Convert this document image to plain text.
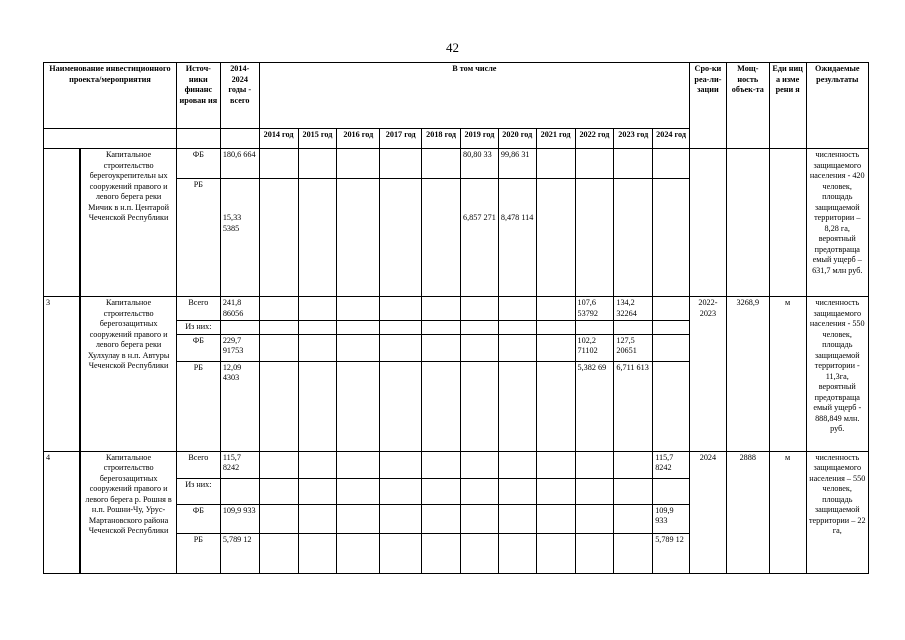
42
Наименование инвестиционного проекта/мероприятия		Источ-ники финанс ирован ия	2014-2024 годы - всего	В том числе											Сро-ки реа-ли-зации	Мощ-ность объек-та	Еди ниц а изме рени я	Ожидаемые результаты
				2014 год	2015 год	2016 год	2017 год	2018 год	2019 год	2020 год	2021 год	2022 год	2023 год	2024 год				
	Капитальное строительство берегоукрепительн ых сооружений правого и левого берега реки Мичик в н.п. Центарой Чеченской Республики	ФБ	180,6 664						80,80 33	99,86 31								численность защищаемого населения - 420 человек, площадь защищаемой территории – 8,28 га, вероятный предотвраща емый ущерб – 631,7 млн руб.
		РБ	15,33 5385						6,857 271	8,478 114								
3	Капитальное строительство берегозащитных сооружений правого и левого берега реки Хулхулау в н.п. Автуры Чеченской Республики	Всего	241,8 86056									107,6 53792	134,2 32264		2022-2023	3268,9	м	численность защищаемого населения - 550 человек, площадь защищаемой территории - 11,3га, вероятный предотвраща емый ущерб - 888,849 млн. руб.
		Из них:																
		ФБ	229,7 91753									102,2 71102	127,5 20651					
		РБ	12,09 4303									5,382 69	6,711 613					
4	Капитальное строительство берегозащитных сооружений правого и левого берега р. Рошня в н.п. Рошни-Чу, Урус-Мартановского района Чеченской Республики	Всего	115,7 8242											115,7 8242	2024	2888	м	численность защищаемого населения – 550 человек, площадь защищаемой территории – 22 га,
		Из них:																
		ФБ	109,9 933											109,9 933				
		РБ	5,789 12											5,789 12				
